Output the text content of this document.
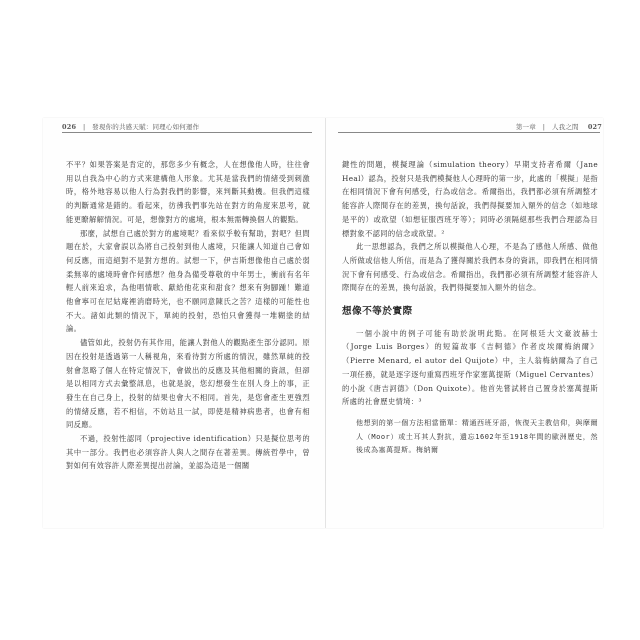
026   |   發現你的共感天賦：同理心如何運作	第一章   |   人我之間 027

不平？如果答案是肯定的，那您多少有概念，人在想像他人時，往往會用以自我為中心的方式來建構他人形象。尤其是當我們的情緒受到刺激時，格外地容易以他人行為對我們的影響，來判斷其動機。但我們這樣的判斷通常是錯的。看起來，彷彿我們事先站在對方的角度來思考，就能更瞭解解情況。可是，想像對方的處境，根本無需轉換個人的觀點。

那麼，試想自己處於對方的處境呢？看來似乎較有幫助，對吧？但問題在於，大家會誤以為將自己投射到他人處境，只能讓人知道自己會如何反應，而這絕對不是對方想的。試想一下，伊吉斯想像他自己處於弱柔無辜的處境時會作何感想？他身為備受尊敬的中年男士，衝前有名年輕人前來追求，為他唱情歌、獻給他花束和甜食？想來有狗腳踵！難道他會寧可在尼姑庵裡消磨時光，也不願同意陳氏之苦？這樣的可能性也不大。諸如此類的情況下，單純的投射，恐怕只會獲得一堆糊塗的結論。

儘管如此，投射仍有其作用，能讓人對他人的觀點產生部分認同。原因在投射是透過第一人稱視角，來看待對方所處的情況，雖然單純的投射會忽略了個人在特定情況下，會做出的反應及其他相關的資訊，但卻是以相同方式去彙整訊息，也就是說，您幻想發生在別人身上的事，正發生在自己身上，投射的結果也會大不相同。首先，是您會產生更強烈的情緒反應，若不相信，不妨站且一試，即使是精神病患者，也會有相同反應。

不過，投射性認同（projective identification）只是擬位思考的其中一部分。我們也必須容許人與人之間存在著差異。傳統哲學中，曾對如何有效容許人際差異提出討論，並認為這是一個關

鍵性的問題，模擬理論（simulation theory）早期支持者希爾（Jane Heal）認為，投射只是我們模擬他人心理時的第一步，此處的「模擬」是指在相同情況下會有何感受，行為或信念。希爾指出，我們都必須有所調整才能容許人際間存在的差異，換句話說，我們得擬要加入額外的信念（如地球是平的）或欲望（如想征服西班牙等）；同時必須隔絕那些我們合理認為目標對象不認同的信念或欲望。²

此一思想認為，我們之所以模擬他人心理，不是為了感他人所感、做他人所做或信他人所信，而是為了獲得關於我們本身的資訊，即我們在相同情況下會有何感受、行為或信念。希爾指出，我們都必須有所調整才能容許人際間存在的差異，換句話說，我們得擬要加入額外的信念。

想像不等於實際

一個小說中的例子可能有助於說明此點。在阿根廷大文豪波赫士（Jorge Luis Borges）的短篇故事《吉軻德》作者皮埃爾梅納爾》（Pierre Menard, el autor del Quijote）中，主人翁梅納爾為了自己一項任務，就是逐字逐句重寫西班牙作家塞萬提斯（Miguel Cervantes）的小說《唐吉訶德》（Don Quixote）。他首先嘗試將自己置身於塞萬提斯所處的社會歷史情境：³

他想到的第一個方法相當簡單：精通西班牙語，恢復天主教信仰，與摩爾人（Moor）或土耳其人對抗，遺忘1602年至1918年間的歐洲歷史，然後成為塞萬提斯。梅納爾
